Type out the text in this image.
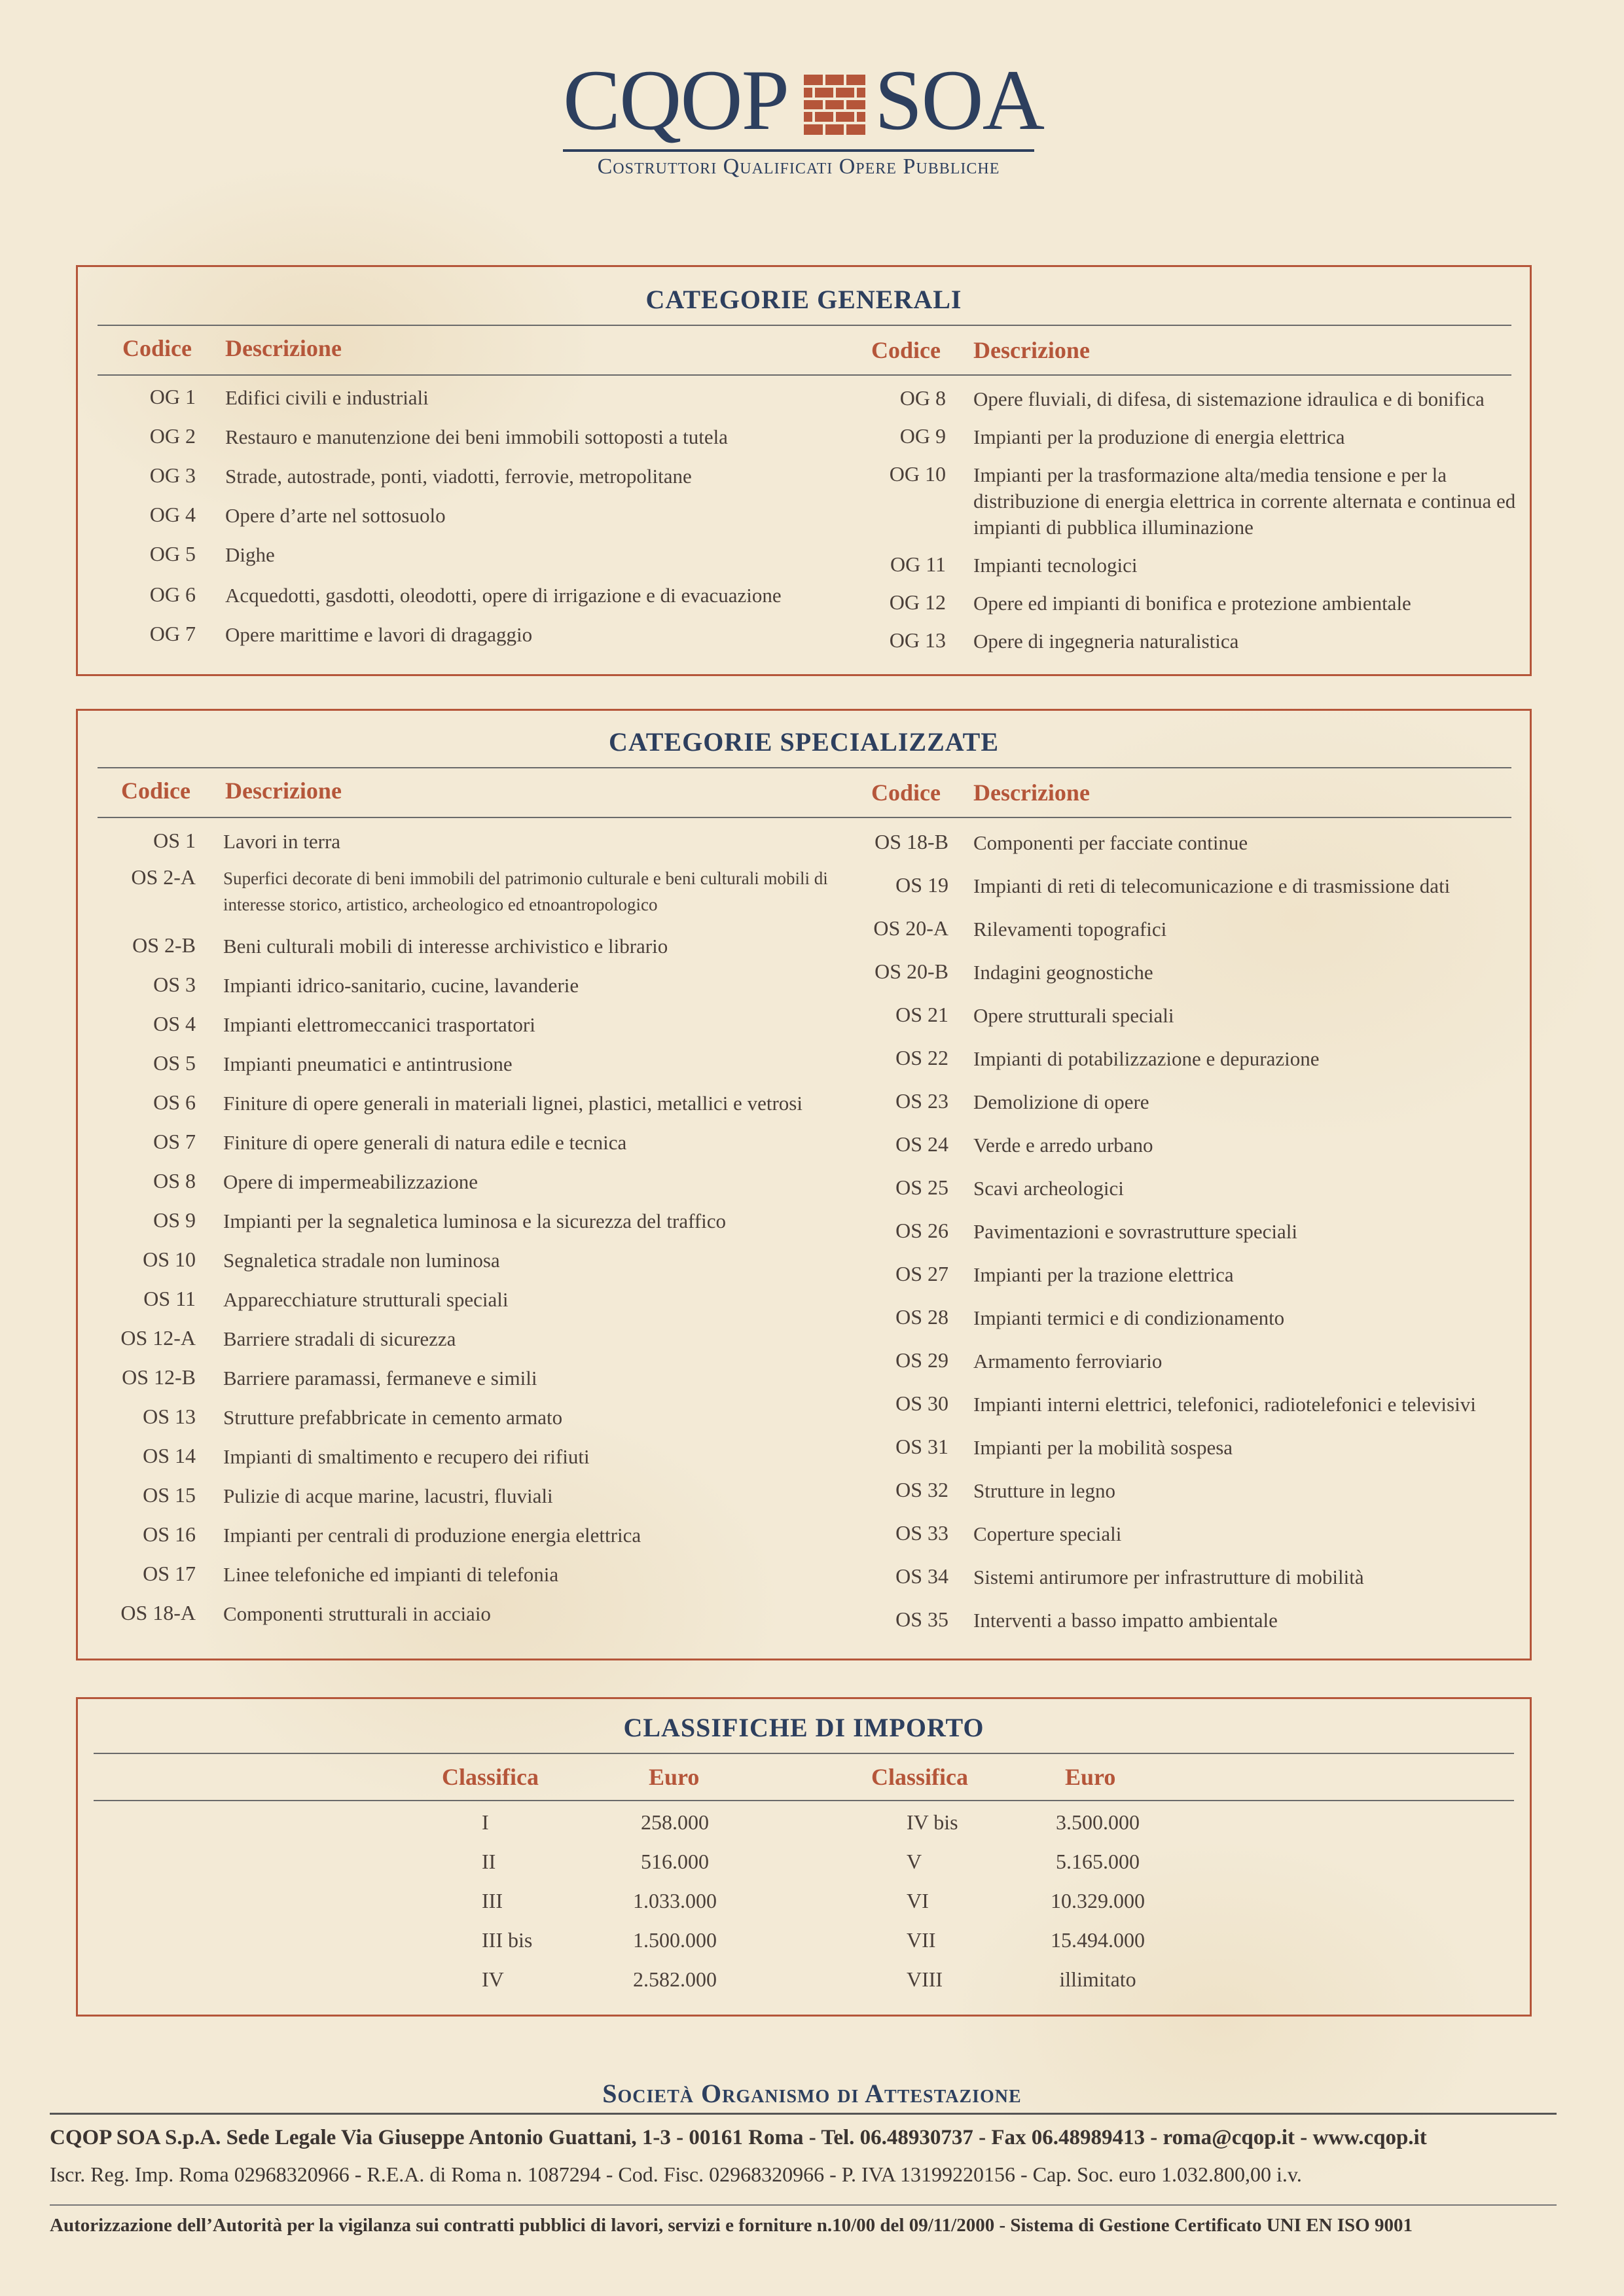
CQOP SOA
Costruttori Qualificati Opere Pubbliche
CATEGORIE GENERALI
Codice Descrizione	Codice Descrizione
OG 1 Edifici civili e industriali
OG 2 Restauro e manutenzione dei beni immobili sottoposti a tutela
OG 3 Strade, autostrade, ponti, viadotti, ferrovie, metropolitane
OG 4 Opere d’arte nel sottosuolo
OG 5 Dighe
OG 6 Acquedotti, gasdotti, oleodotti, opere di irrigazione e di evacuazione
OG 7 Opere marittime e lavori di dragaggio
OG 8 Opere fluviali, di difesa, di sistemazione idraulica e di bonifica
OG 9 Impianti per la produzione di energia elettrica
OG 10 Impianti per la trasformazione alta/media tensione e per la distribuzione di energia elettrica in corrente alternata e continua ed impianti di pubblica illuminazione
OG 11 Impianti tecnologici
OG 12 Opere ed impianti di bonifica e protezione ambientale
OG 13 Opere di ingegneria naturalistica
CATEGORIE SPECIALIZZATE
Codice Descrizione	Codice Descrizione
OS 1 Lavori in terra
OS 2-A Superfici decorate di beni immobili del patrimonio culturale e beni culturali mobili di interesse storico, artistico, archeologico ed etnoantropologico
OS 2-B Beni culturali mobili di interesse archivistico e librario
OS 3 Impianti idrico-sanitario, cucine, lavanderie
OS 4 Impianti elettromeccanici trasportatori
OS 5 Impianti pneumatici e antintrusione
OS 6 Finiture di opere generali in materiali lignei, plastici, metallici e vetrosi
OS 7 Finiture di opere generali di natura edile e tecnica
OS 8 Opere di impermeabilizzazione
OS 9 Impianti per la segnaletica luminosa e la sicurezza del traffico
OS 10 Segnaletica stradale non luminosa
OS 11 Apparecchiature strutturali speciali
OS 12-A Barriere stradali di sicurezza
OS 12-B Barriere paramassi, fermaneve e simili
OS 13 Strutture prefabbricate in cemento armato
OS 14 Impianti di smaltimento e recupero dei rifiuti
OS 15 Pulizie di acque marine, lacustri, fluviali
OS 16 Impianti per centrali di produzione energia elettrica
OS 17 Linee telefoniche ed impianti di telefonia
OS 18-A Componenti strutturali in acciaio
OS 18-B Componenti per facciate continue
OS 19 Impianti di reti di telecomunicazione e di trasmissione dati
OS 20-A Rilevamenti topografici
OS 20-B Indagini geognostiche
OS 21 Opere strutturali speciali
OS 22 Impianti di potabilizzazione e depurazione
OS 23 Demolizione di opere
OS 24 Verde e arredo urbano
OS 25 Scavi archeologici
OS 26 Pavimentazioni e sovrastrutture speciali
OS 27 Impianti per la trazione elettrica
OS 28 Impianti termici e di condizionamento
OS 29 Armamento ferroviario
OS 30 Impianti interni elettrici, telefonici, radiotelefonici e televisivi
OS 31 Impianti per la mobilità sospesa
OS 32 Strutture in legno
OS 33 Coperture speciali
OS 34 Sistemi antirumore per infrastrutture di mobilità
OS 35 Interventi a basso impatto ambientale
CLASSIFICHE DI IMPORTO
Classifica	Euro	Classifica	Euro
I	258.000
II	516.000
III	1.033.000
III bis	1.500.000
IV	2.582.000
IV bis	3.500.000
V	5.165.000
VI	10.329.000
VII	15.494.000
VIII	illimitato
Società Organismo di Attestazione
CQOP SOA S.p.A. Sede Legale Via Giuseppe Antonio Guattani, 1-3 - 00161 Roma - Tel. 06.48930737 - Fax 06.48989413 - roma@cqop.it - www.cqop.it
Iscr. Reg. Imp. Roma 02968320966 - R.E.A. di Roma n. 1087294 - Cod. Fisc. 02968320966 - P. IVA 13199220156 - Cap. Soc. euro 1.032.800,00 i.v.
Autorizzazione dell’Autorità per la vigilanza sui contratti pubblici di lavori, servizi e forniture n.10/00 del 09/11/2000 - Sistema di Gestione Certificato UNI EN ISO 9001
